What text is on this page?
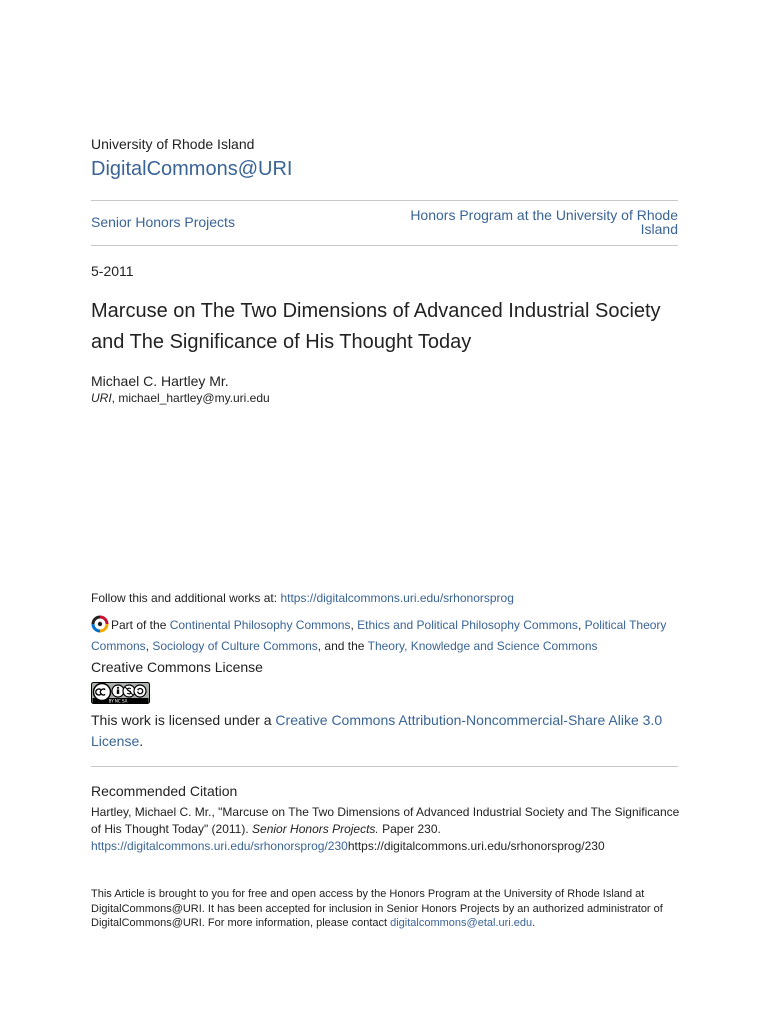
University of Rhode Island
DigitalCommons@URI
Senior Honors Projects	Honors Program at the University of Rhode Island
5-2011
Marcuse on The Two Dimensions of Advanced Industrial Society and The Significance of His Thought Today
Michael C. Hartley Mr.
URI, michael_hartley@my.uri.edu
Follow this and additional works at: https://digitalcommons.uri.edu/srhonorsprog
Part of the Continental Philosophy Commons, Ethics and Political Philosophy Commons, Political Theory Commons, Sociology of Culture Commons, and the Theory, Knowledge and Science Commons
Creative Commons License
BY NC SA
This work is licensed under a Creative Commons Attribution-Noncommercial-Share Alike 3.0 License.
Recommended Citation
Hartley, Michael C. Mr., "Marcuse on The Two Dimensions of Advanced Industrial Society and The Significance of His Thought Today" (2011). Senior Honors Projects. Paper 230.
https://digitalcommons.uri.edu/srhonorsprog/230https://digitalcommons.uri.edu/srhonorsprog/230
This Article is brought to you for free and open access by the Honors Program at the University of Rhode Island at DigitalCommons@URI. It has been accepted for inclusion in Senior Honors Projects by an authorized administrator of DigitalCommons@URI. For more information, please contact digitalcommons@etal.uri.edu.
